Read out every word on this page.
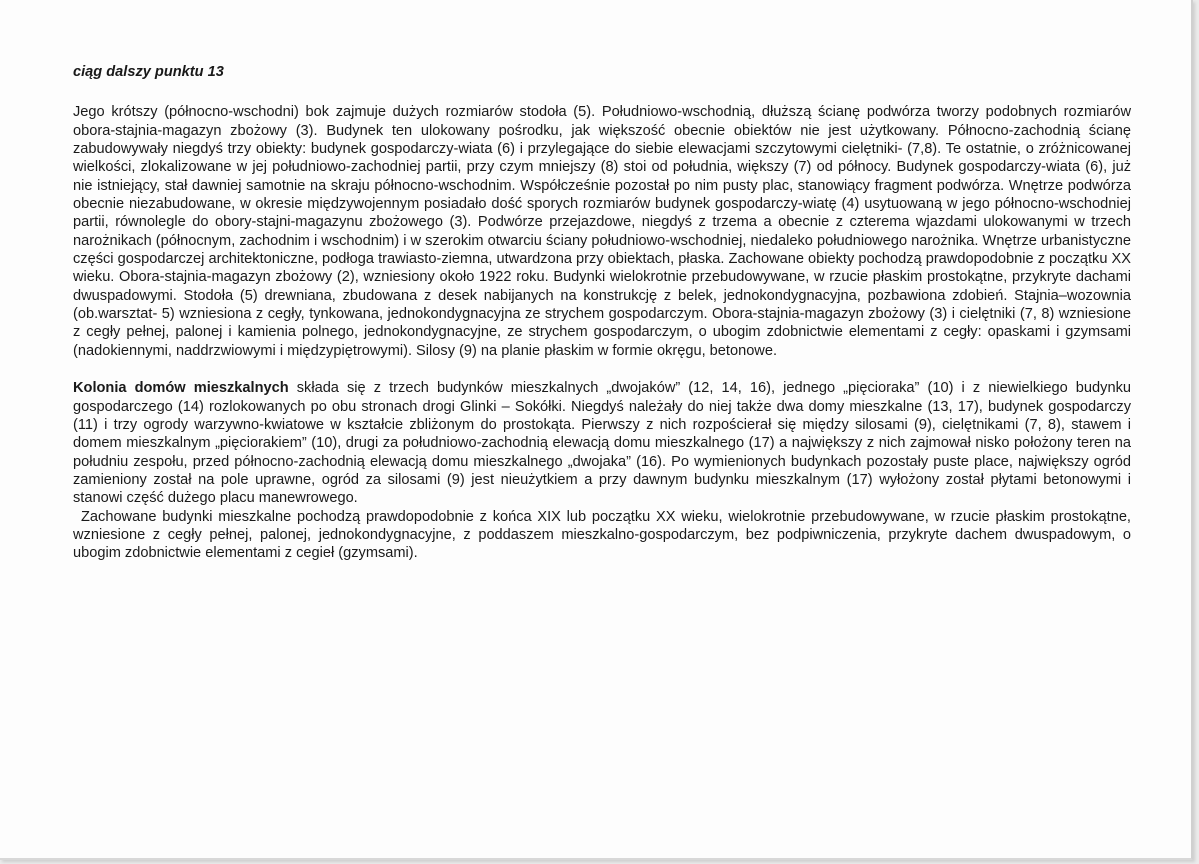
ciąg dalszy punktu 13

Jego krótszy (północno-wschodni) bok zajmuje dużych rozmiarów stodoła (5). Południowo-wschodnią, dłuższą ścianę podwórza tworzy podobnych rozmiarów obora-stajnia-magazyn zbożowy (3). Budynek ten ulokowany pośrodku, jak większość obecnie obiektów nie jest użytkowany. Północno-zachodnią ścianę zabudowywały niegdyś trzy obiekty: budynek gospodarczy-wiata (6) i przylegające do siebie elewacjami szczytowymi cielętniki- (7,8). Te ostatnie, o zróżnicowanej wielkości, zlokalizowane w jej południowo-zachodniej partii, przy czym mniejszy (8) stoi od południa, większy (7) od północy. Budynek gospodarczy-wiata (6), już nie istniejący, stał dawniej samotnie na skraju północno-wschodnim. Współcześnie pozostał po nim pusty plac, stanowiący fragment podwórza. Wnętrze podwórza obecnie niezabudowane, w okresie międzywojennym posiadało dość sporych rozmiarów budynek gospodarczy-wiatę (4) usytuowaną w jego północno-wschodniej partii, równolegle do obory-stajni-magazynu zbożowego (3). Podwórze przejazdowe, niegdyś z trzema a obecnie z czterema wjazdami ulokowanymi w trzech narożnikach (północnym, zachodnim i wschodnim) i w szerokim otwarciu ściany południowo-wschodniej, niedaleko południowego narożnika. Wnętrze urbanistyczne części gospodarczej architektoniczne, podłoga trawiasto-ziemna, utwardzona przy obiektach, płaska. Zachowane obiekty pochodzą prawdopodobnie z początku XX wieku. Obora-stajnia-magazyn zbożowy (2), wzniesiony około 1922 roku. Budynki wielokrotnie przebudowywane, w rzucie płaskim prostokątne, przykryte dachami dwuspadowymi. Stodoła (5) drewniana, zbudowana z desek nabijanych na konstrukcję z belek, jednokondygnacyjna, pozbawiona zdobień. Stajnia–wozownia (ob.warsztat- 5) wzniesiona z cegły, tynkowana, jednokondygnacyjna ze strychem gospodarczym. Obora-stajnia-magazyn zbożowy (3) i cielętniki (7, 8) wzniesione z cegły pełnej, palonej i kamienia polnego, jednokondygnacyjne, ze strychem gospodarczym, o ubogim zdobnictwie elementami z cegły: opaskami i gzymsami (nadokiennymi, naddrzwiowymi i międzypiętrowymi). Silosy (9) na planie płaskim w formie okręgu, betonowe.

Kolonia domów mieszkalnych składa się z trzech budynków mieszkalnych „dwojaków” (12, 14, 16), jednego „pięcioraka” (10) i z niewielkiego budynku gospodarczego (14) rozlokowanych po obu stronach drogi Glinki – Sokółki. Niegdyś należały do niej także dwa domy mieszkalne (13, 17), budynek gospodarczy (11) i trzy ogrody warzywno-kwiatowe w kształcie zbliżonym do prostokąta. Pierwszy z nich rozpościerał się między silosami (9), cielętnikami (7, 8), stawem i domem mieszkalnym „pięciorakiem” (10), drugi za południowo-zachodnią elewacją domu mieszkalnego (17) a największy z nich zajmował nisko położony teren na południu zespołu, przed północno-zachodnią elewacją domu mieszkalnego „dwojaka” (16). Po wymienionych budynkach pozostały puste place, największy ogród zamieniony został na pole uprawne, ogród za silosami (9) jest nieużytkiem a przy dawnym budynku mieszkalnym (17) wyłożony został płytami betonowymi i stanowi część dużego placu manewrowego.

Zachowane budynki mieszkalne pochodzą prawdopodobnie z końca XIX lub początku XX wieku, wielokrotnie przebudowywane, w rzucie płaskim prostokątne, wzniesione z cegły pełnej, palonej, jednokondygnacyjne, z poddaszem mieszkalno-gospodarczym, bez podpiwniczenia, przykryte dachem dwuspadowym, o ubogim zdobnictwie elementami z cegieł (gzymsami).
